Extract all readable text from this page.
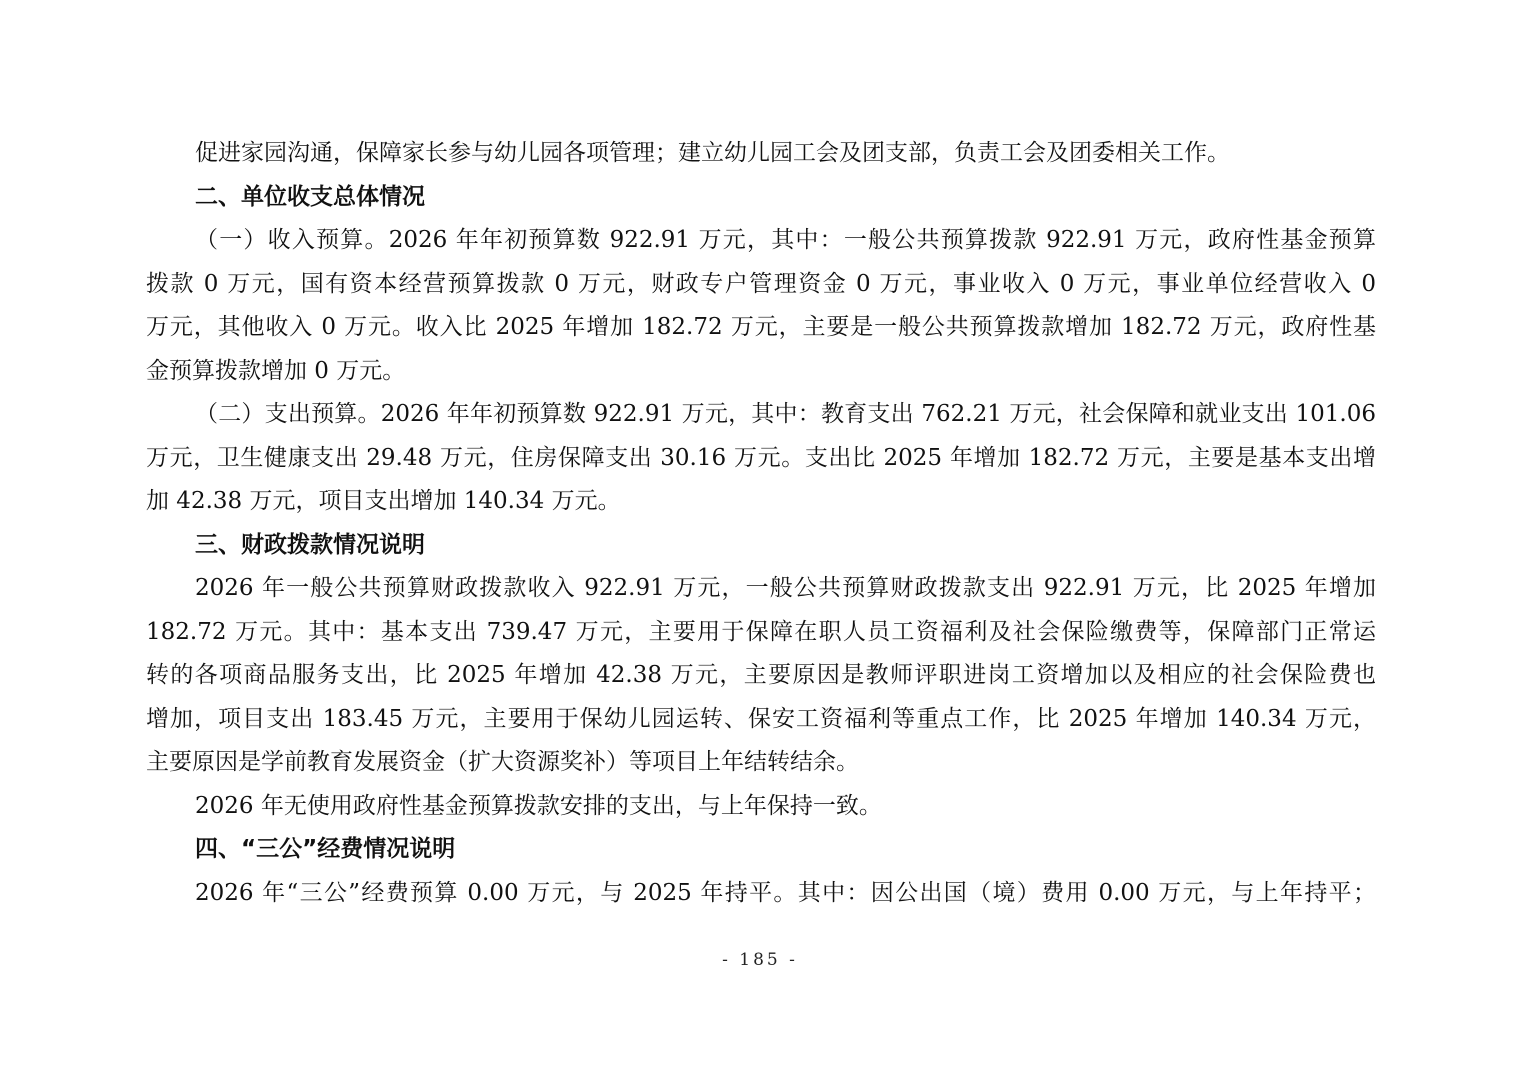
促进家园沟通，保障家长参与幼儿园各项管理；建立幼儿园工会及团支部，负责工会及团委相关工作。
二、单位收支总体情况
（一）收入预算。2026 年年初预算数 922.91 万元，其中：一般公共预算拨款 922.91 万元，政府性基金预算
拨款 0 万元，国有资本经营预算拨款 0 万元，财政专户管理资金 0 万元，事业收入 0 万元，事业单位经营收入 0
万元，其他收入 0 万元。收入比 2025 年增加 182.72 万元，主要是一般公共预算拨款增加 182.72 万元，政府性基
金预算拨款增加 0 万元。
（二）支出预算。2026 年年初预算数 922.91 万元，其中：教育支出 762.21 万元，社会保障和就业支出 101.06
万元，卫生健康支出 29.48 万元，住房保障支出 30.16 万元。支出比 2025 年增加 182.72 万元，主要是基本支出增
加 42.38 万元，项目支出增加 140.34 万元。
三、财政拨款情况说明
2026 年一般公共预算财政拨款收入 922.91 万元，一般公共预算财政拨款支出 922.91 万元，比 2025 年增加
182.72 万元。其中：基本支出 739.47 万元，主要用于保障在职人员工资福利及社会保险缴费等，保障部门正常运
转的各项商品服务支出，比 2025 年增加 42.38 万元，主要原因是教师评职进岗工资增加以及相应的社会保险费也
增加，项目支出 183.45 万元，主要用于保幼儿园运转、保安工资福利等重点工作，比 2025 年增加 140.34 万元，
主要原因是学前教育发展资金（扩大资源奖补）等项目上年结转结余。
2026 年无使用政府性基金预算拨款安排的支出，与上年保持一致。
四、“三公”经费情况说明
2026 年“三公”经费预算 0.00 万元，与 2025 年持平。其中：因公出国（境）费用 0.00 万元，与上年持平；
- 185 -
